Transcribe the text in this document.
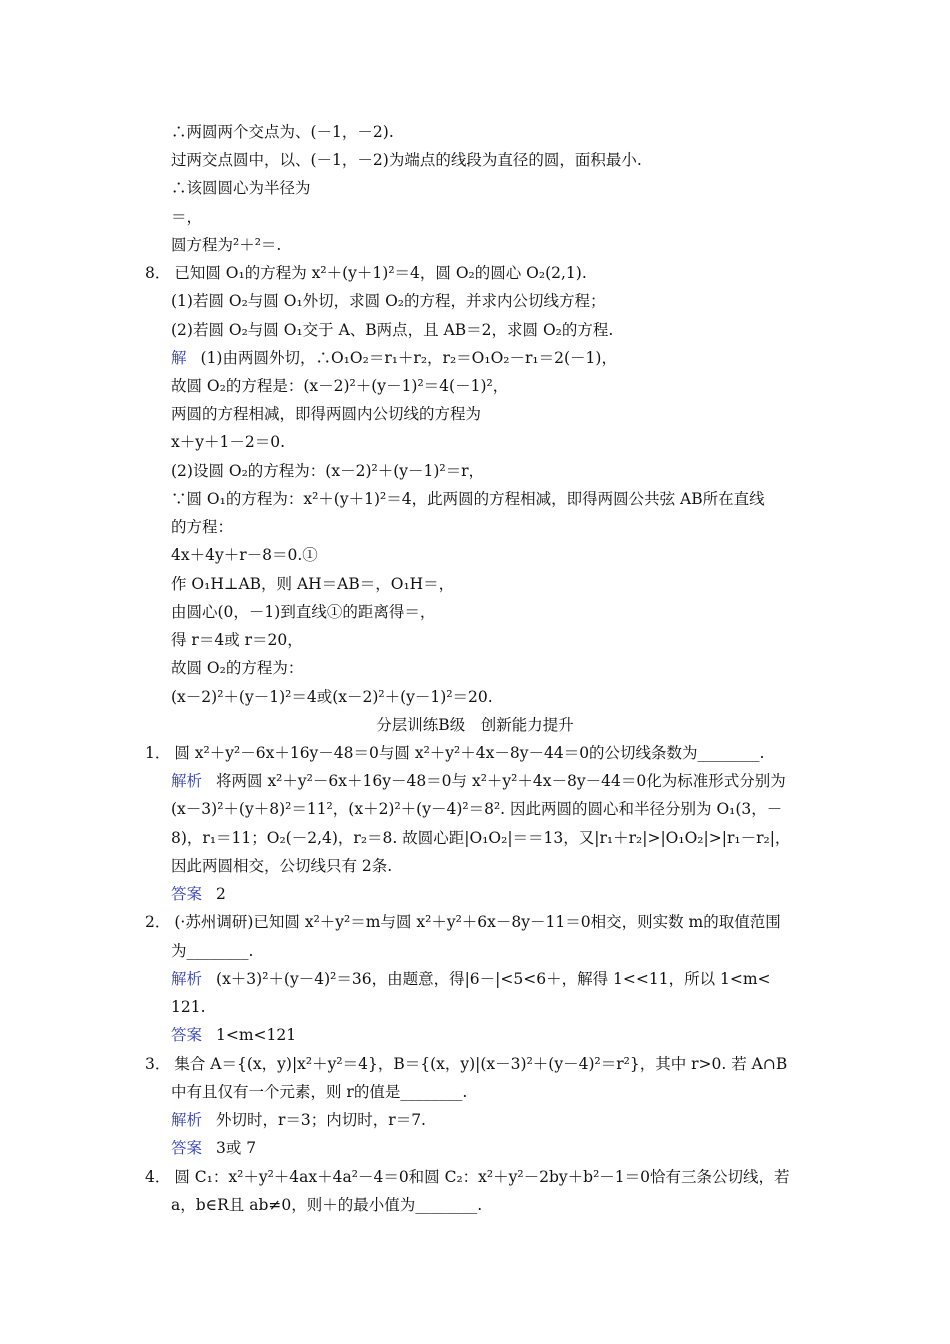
∴两圆两个交点为、(－1，－2).
过两交点圆中，以、(－1，－2)为端点的线段为直径的圆，面积最小.
∴该圆圆心为半径为
＝，
圆方程为²＋²＝.
8． 已知圆 O₁的方程为 x²＋(y＋1)²＝4，圆 O₂的圆心 O₂(2,1).
(1)若圆 O₂与圆 O₁外切，求圆 O₂的方程，并求内公切线方程；
(2)若圆 O₂与圆 O₁交于 A、B两点，且 AB＝2，求圆 O₂的方程.
解 (1)由两圆外切，∴O₁O₂＝r₁＋r₂，r₂＝O₁O₂－r₁＝2(－1)，
故圆 O₂的方程是：(x－2)²＋(y－1)²＝4(－1)²，
两圆的方程相减，即得两圆内公切线的方程为
x＋y＋1－2＝0.
(2)设圆 O₂的方程为：(x－2)²＋(y－1)²＝r，
∵圆 O₁的方程为：x²＋(y＋1)²＝4，此两圆的方程相减，即得两圆公共弦 AB所在直线
的方程：
4x＋4y＋r－8＝0.①
作 O₁H⊥AB，则 AH＝AB＝，O₁H＝，
由圆心(0，－1)到直线①的距离得＝，
得 r＝4或 r＝20，
故圆 O₂的方程为：
(x－2)²＋(y－1)²＝4或(x－2)²＋(y－1)²＝20.
分层训练B级　创新能力提升
1． 圆 x²＋y²－6x＋16y－48＝0与圆 x²＋y²＋4x－8y－44＝0的公切线条数为________.
解析 将两圆 x²＋y²－6x＋16y－48＝0与 x²＋y²＋4x－8y－44＝0化为标准形式分别为
(x－3)²＋(y＋8)²＝11²，(x＋2)²＋(y－4)²＝8². 因此两圆的圆心和半径分别为 O₁(3，－
8)，r₁＝11；O₂(－2,4)，r₂＝8. 故圆心距|O₁O₂|＝＝13，又|r₁＋r₂|>|O₁O₂|>|r₁－r₂|，
因此两圆相交，公切线只有 2条.
答案 2
2． (·苏州调研)已知圆 x²＋y²＝m与圆 x²＋y²＋6x－8y－11＝0相交，则实数 m的取值范围
为________.
解析 (x＋3)²＋(y－4)²＝36，由题意，得|6－|<5<6＋，解得 1<<11，所以 1<m<
121.
答案 1<m<121
3． 集合 A＝{(x，y)|x²＋y²＝4}，B＝{(x，y)|(x－3)²＋(y－4)²＝r²}，其中 r>0. 若 A∩B
中有且仅有一个元素，则 r的值是________.
解析 外切时，r＝3；内切时，r＝7.
答案 3或 7
4． 圆 C₁：x²＋y²＋4ax＋4a²－4＝0和圆 C₂：x²＋y²－2by＋b²－1＝0恰有三条公切线，若
a，b∈R且 ab≠0，则＋的最小值为________.
